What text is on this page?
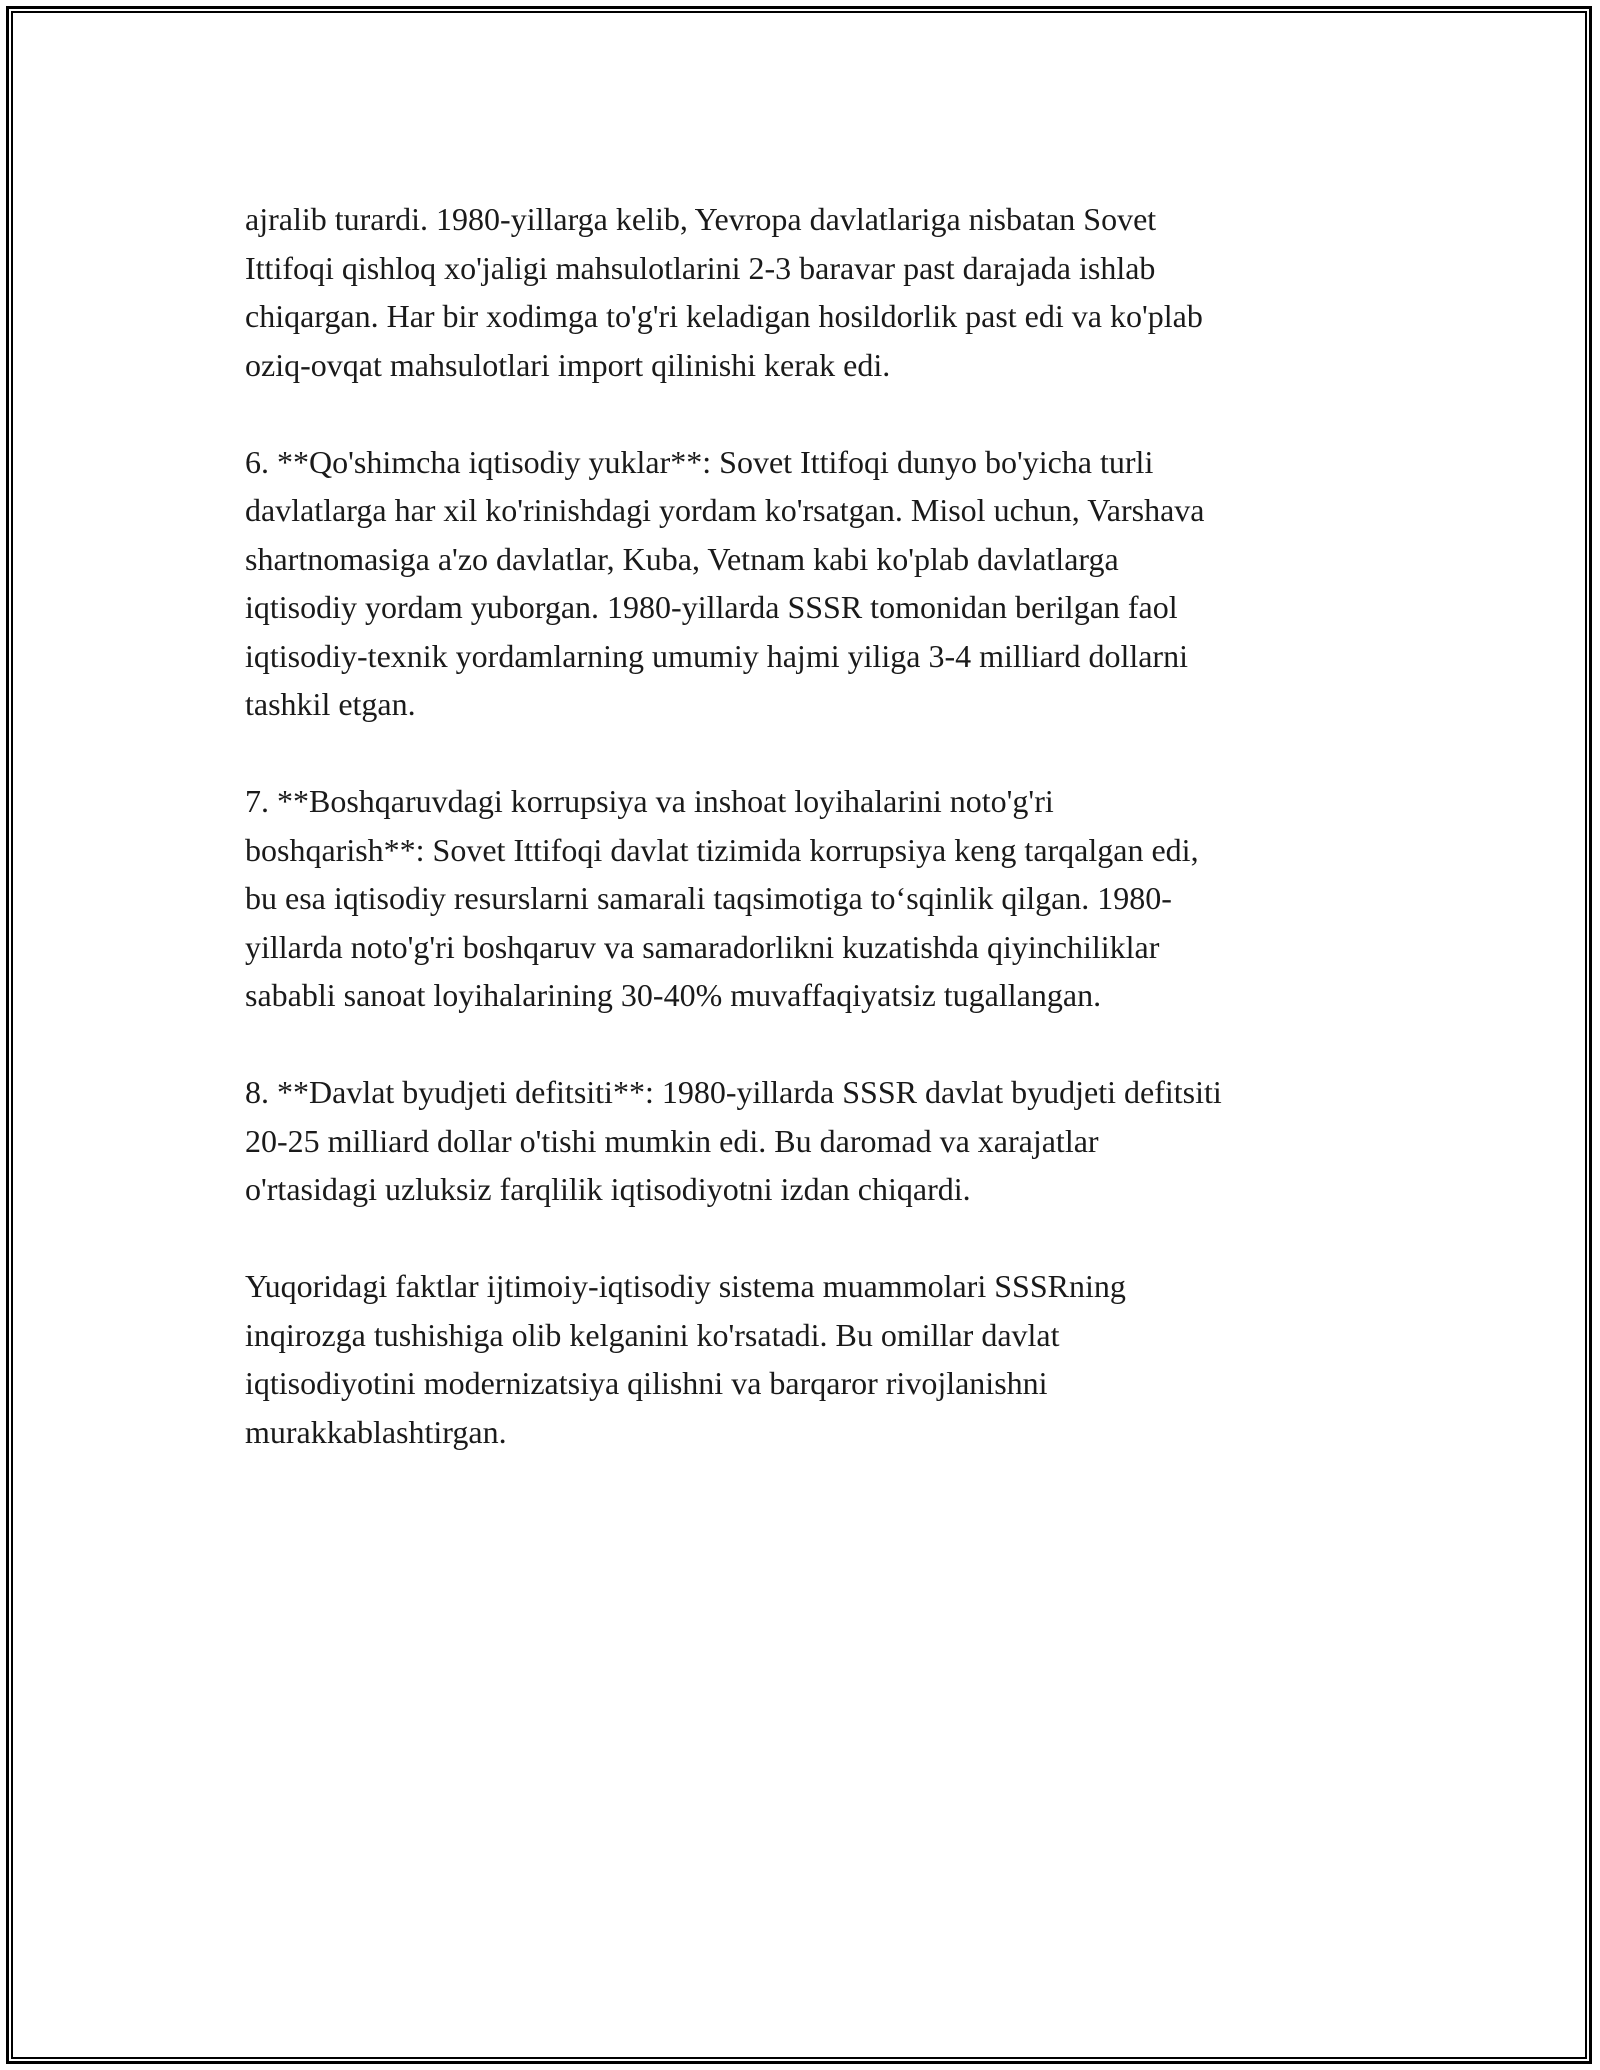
ajralib turardi. 1980-yillarga kelib, Yevropa davlatlariga nisbatan Sovet
Ittifoqi qishloq xo'jaligi mahsulotlarini 2-3 baravar past darajada ishlab
chiqargan. Har bir xodimga to'g'ri keladigan hosildorlik past edi va ko'plab
oziq-ovqat mahsulotlari import qilinishi kerak edi.

6. **Qo'shimcha iqtisodiy yuklar**: Sovet Ittifoqi dunyo bo'yicha turli
davlatlarga har xil ko'rinishdagi yordam ko'rsatgan. Misol uchun, Varshava
shartnomasiga a'zo davlatlar, Kuba, Vetnam kabi ko'plab davlatlarga
iqtisodiy yordam yuborgan. 1980-yillarda SSSR tomonidan berilgan faol
iqtisodiy-texnik yordamlarning umumiy hajmi yiliga 3-4 milliard dollarni
tashkil etgan.

7. **Boshqaruvdagi korrupsiya va inshoat loyihalarini noto'g'ri
boshqarish**: Sovet Ittifoqi davlat tizimida korrupsiya keng tarqalgan edi,
bu esa iqtisodiy resurslarni samarali taqsimotiga to‘sqinlik qilgan. 1980-
yillarda noto'g'ri boshqaruv va samaradorlikni kuzatishda qiyinchiliklar
sababli sanoat loyihalarining 30-40% muvaffaqiyatsiz tugallangan.

8. **Davlat byudjeti defitsiti**: 1980-yillarda SSSR davlat byudjeti defitsiti
20-25 milliard dollar o'tishi mumkin edi. Bu daromad va xarajatlar
o'rtasidagi uzluksiz farqlilik iqtisodiyotni izdan chiqardi.

Yuqoridagi faktlar ijtimoiy-iqtisodiy sistema muammolari SSSRning
inqirozga tushishiga olib kelganini ko'rsatadi. Bu omillar davlat
iqtisodiyotini modernizatsiya qilishni va barqaror rivojlanishni
murakkablashtirgan.
